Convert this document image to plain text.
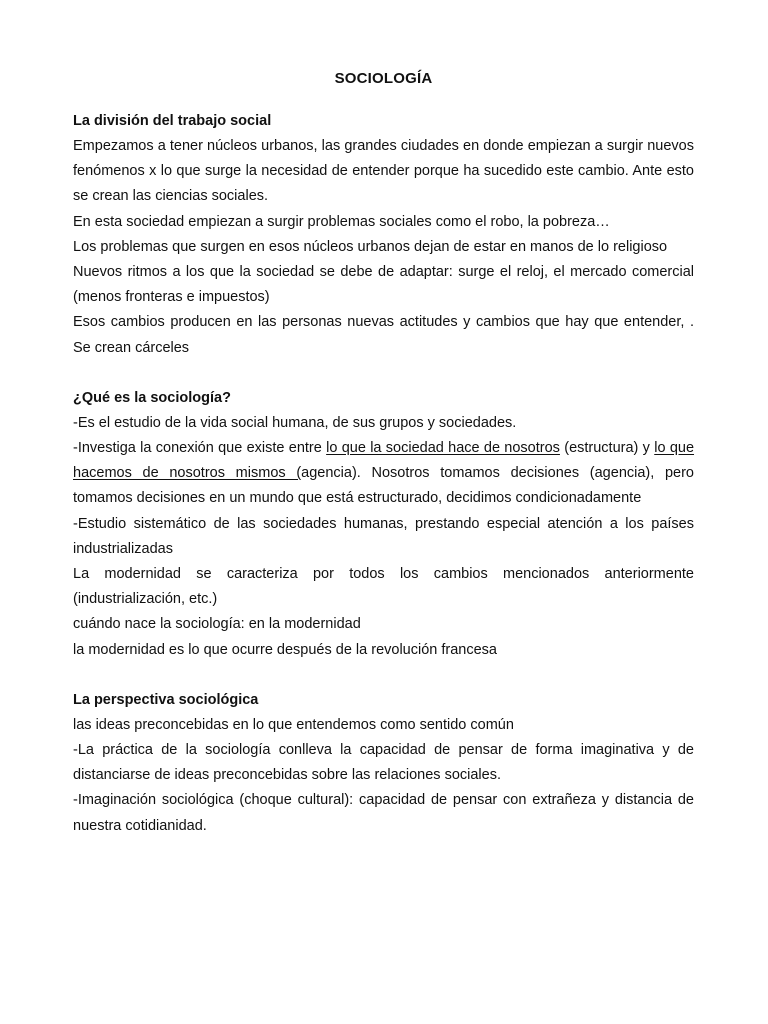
SOCIOLOGÍA

La división del trabajo social

Empezamos a tener núcleos urbanos, las grandes ciudades en donde empiezan a surgir nuevos fenómenos x lo que surge la necesidad de entender porque ha sucedido este cambio. Ante esto se crean las ciencias sociales.

En esta sociedad empiezan a surgir problemas sociales como el robo, la pobreza…

Los problemas que surgen en esos núcleos urbanos dejan de estar en manos de lo religioso

Nuevos ritmos a los que la sociedad se debe de adaptar: surge el reloj, el mercado comercial (menos fronteras e impuestos)

Esos cambios producen en las personas nuevas actitudes y cambios que hay que entender, . Se crean cárceles

¿Qué es la sociología?

-Es el estudio de la vida social humana, de sus grupos y sociedades.

-Investiga la conexión que existe entre lo que la sociedad hace de nosotros (estructura) y lo que hacemos de nosotros mismos (agencia). Nosotros tomamos decisiones (agencia), pero tomamos decisiones en un mundo que está estructurado, decidimos condicionadamente

-Estudio sistemático de las sociedades humanas, prestando especial atención a los países industrializadas

La modernidad se caracteriza por todos los cambios mencionados anteriormente (industrialización, etc.)

cuándo nace la sociología: en la modernidad

la modernidad es lo que ocurre después de la revolución francesa

La perspectiva sociológica

las ideas preconcebidas en lo que entendemos como sentido común

-La práctica de la sociología conlleva la capacidad de pensar de forma imaginativa y de distanciarse de ideas preconcebidas sobre las relaciones sociales.

-Imaginación sociológica (choque cultural): capacidad de pensar con extrañeza y distancia de nuestra cotidianidad.
